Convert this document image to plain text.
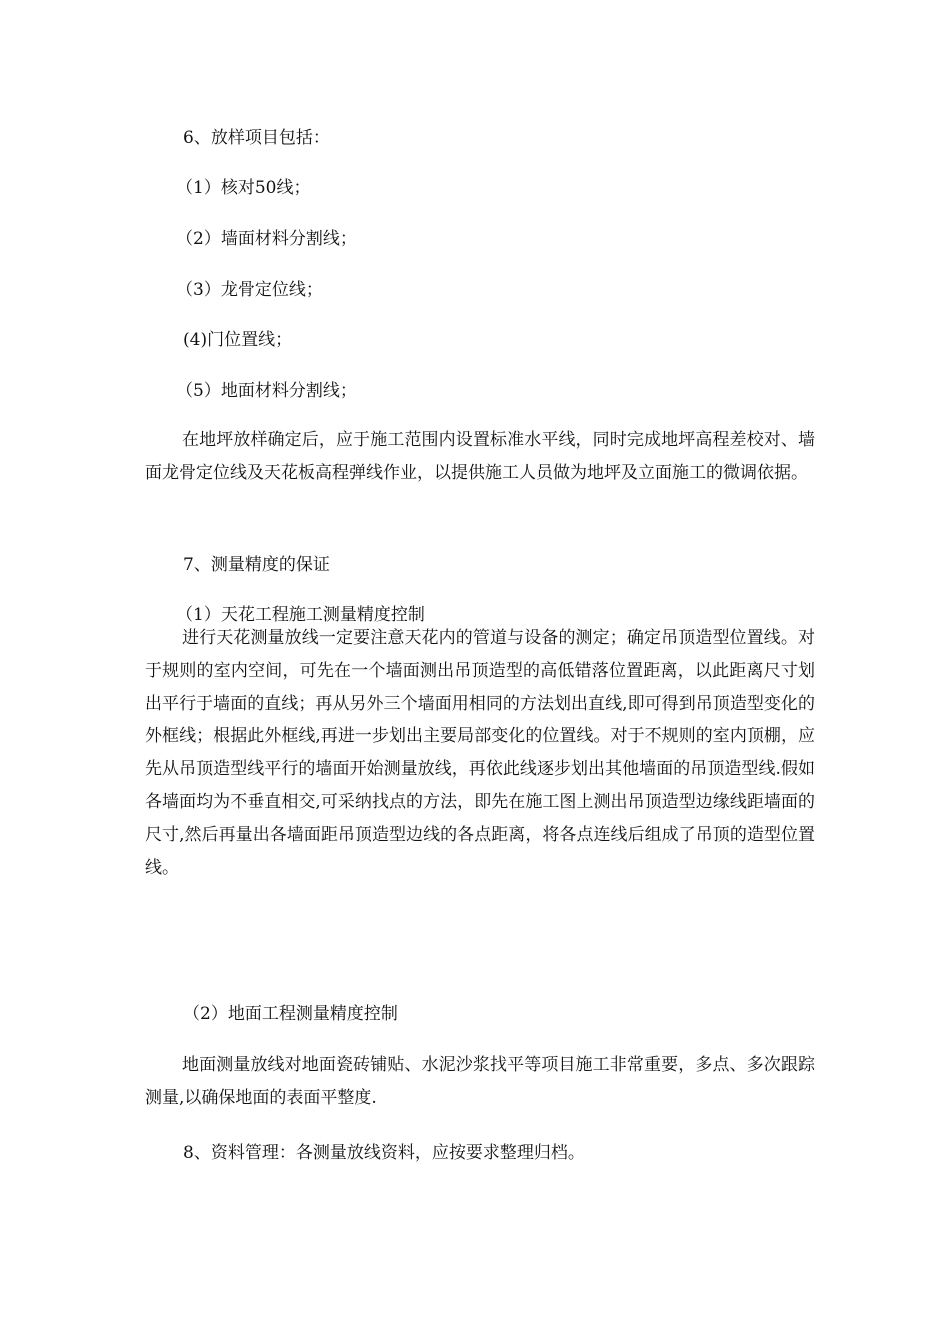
6、放样项目包括：
（1）核对50线；
（2）墙面材料分割线；
（3）龙骨定位线；
(4)门位置线；
（5）地面材料分割线；
在地坪放样确定后，应于施工范围内设置标准水平线，同时完成地坪高程差校对、墙面龙骨定位线及天花板高程弹线作业，以提供施工人员做为地坪及立面施工的微调依据。
7、测量精度的保证
（1）天花工程施工测量精度控制
进行天花测量放线一定要注意天花内的管道与设备的测定；确定吊顶造型位置线。对于规则的室内空间，可先在一个墙面测出吊顶造型的高低错落位置距离，以此距离尺寸划出平行于墙面的直线；再从另外三个墙面用相同的方法划出直线,即可得到吊顶造型变化的外框线；根据此外框线,再进一步划出主要局部变化的位置线。对于不规则的室内顶棚，应先从吊顶造型线平行的墙面开始测量放线，再依此线逐步划出其他墙面的吊顶造型线.假如各墙面均为不垂直相交,可采纳找点的方法，即先在施工图上测出吊顶造型边缘线距墙面的尺寸,然后再量出各墙面距吊顶造型边线的各点距离，将各点连线后组成了吊顶的造型位置线。
（2）地面工程测量精度控制
地面测量放线对地面瓷砖铺贴、水泥沙浆找平等项目施工非常重要，多点、多次跟踪测量,以确保地面的表面平整度.
8、资料管理：各测量放线资料，应按要求整理归档。
